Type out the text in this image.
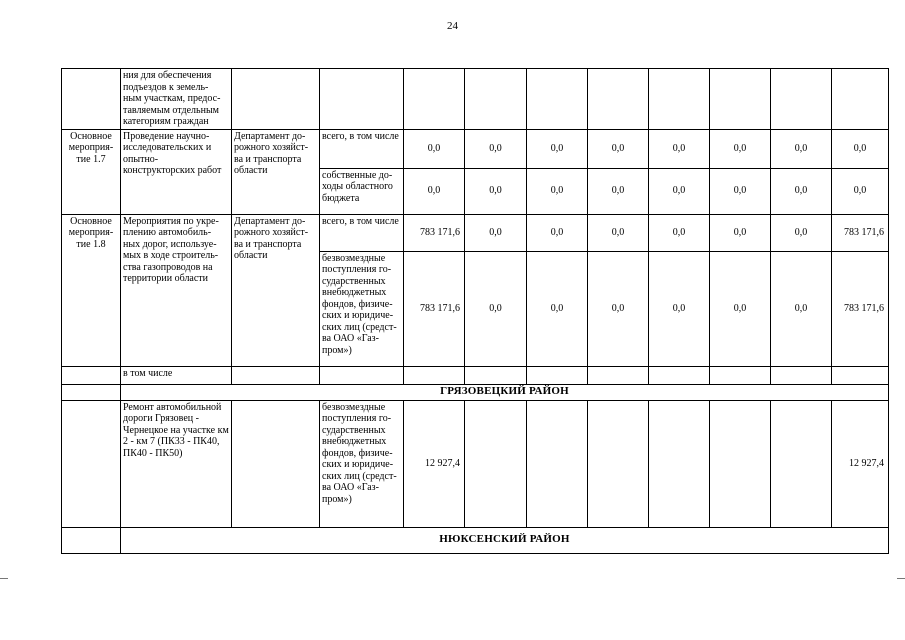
24
	ния для обеспечения подъездов к земель- ным участкам, предос- тавляемым отдельным категориям граждан										
Основное мероприя- тие 1.7	Проведение научно- исследовательских и опытно- конструкторских работ	Департамент до- рожного хозяйст- ва и транспорта области	всего, в том числе	0,0	0,0	0,0	0,0	0,0	0,0	0,0	0,0
			собственные до- ходы областного бюджета	0,0	0,0	0,0	0,0	0,0	0,0	0,0	0,0
Основное мероприя- тие 1.8	Мероприятия по укре- плению автомобиль- ных дорог, используе- мых в ходе строитель- ства газопроводов на территории области	Департамент до- рожного хозяйст- ва и транспорта области	всего, в том числе	783 171,6	0,0	0,0	0,0	0,0	0,0	0,0	783 171,6
			безвозмездные поступления го- сударственных внебюджетных фондов, физиче- ских и юридиче- ских лиц (средст- ва ОАО «Газ- пром»)	783 171,6	0,0	0,0	0,0	0,0	0,0	0,0	783 171,6
	в том числе										
	ГРЯЗОВЕЦКИЙ РАЙОН										
	Ремонт автомобильной дороги Грязовец - Чернецкое на участке км 2 - км 7 (ПК33 - ПК40, ПК40 - ПК50)		безвозмездные поступления го- сударственных внебюджетных фондов, физиче- ских и юридиче- ских лиц (средст- ва ОАО «Газ- пром»)	12 927,4							12 927,4
	НЮКСЕНСКИЙ РАЙОН										
